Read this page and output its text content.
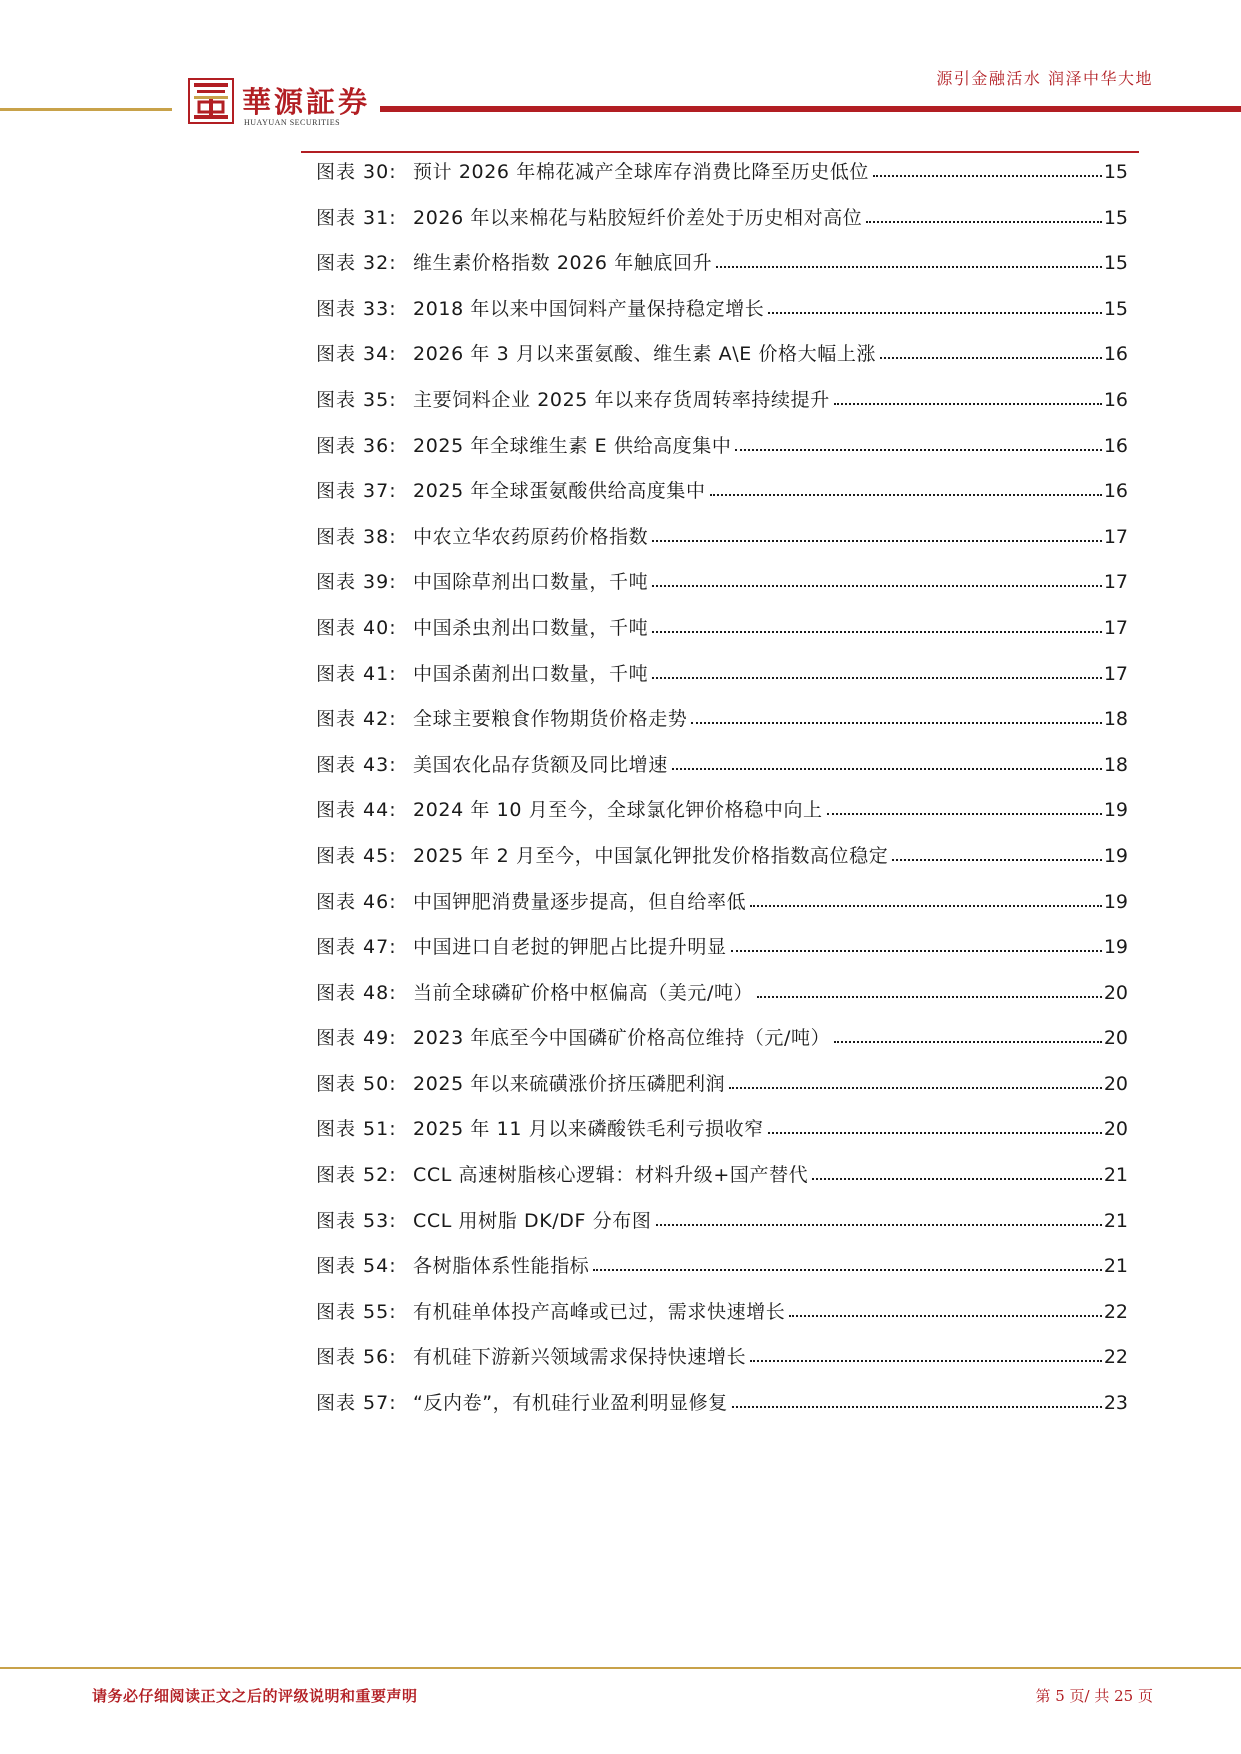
華源証券
HUAYUAN SECURITIES
源引金融活水 润泽中华大地
图表 30: 预计 2026 年棉花减产全球库存消费比降至历史低位	15
图表 31: 2026 年以来棉花与粘胶短纤价差处于历史相对高位	15
图表 32: 维生素价格指数 2026 年触底回升	15
图表 33: 2018 年以来中国饲料产量保持稳定增长	15
图表 34: 2026 年 3 月以来蛋氨酸、维生素 A\E 价格大幅上涨	16
图表 35: 主要饲料企业 2025 年以来存货周转率持续提升	16
图表 36: 2025 年全球维生素 E 供给高度集中	16
图表 37: 2025 年全球蛋氨酸供给高度集中	16
图表 38: 中农立华农药原药价格指数	17
图表 39: 中国除草剂出口数量，千吨	17
图表 40: 中国杀虫剂出口数量，千吨	17
图表 41: 中国杀菌剂出口数量，千吨	17
图表 42: 全球主要粮食作物期货价格走势	18
图表 43: 美国农化品存货额及同比增速	18
图表 44: 2024 年 10 月至今，全球氯化钾价格稳中向上	19
图表 45: 2025 年 2 月至今，中国氯化钾批发价格指数高位稳定	19
图表 46: 中国钾肥消费量逐步提高，但自给率低	19
图表 47: 中国进口自老挝的钾肥占比提升明显	19
图表 48: 当前全球磷矿价格中枢偏高（美元/吨）	20
图表 49: 2023 年底至今中国磷矿价格高位维持（元/吨）	20
图表 50: 2025 年以来硫磺涨价挤压磷肥利润	20
图表 51: 2025 年 11 月以来磷酸铁毛利亏损收窄	20
图表 52: CCL 高速树脂核心逻辑：材料升级+国产替代	21
图表 53: CCL 用树脂 DK/DF 分布图	21
图表 54: 各树脂体系性能指标	21
图表 55: 有机硅单体投产高峰或已过，需求快速增长	22
图表 56: 有机硅下游新兴领域需求保持快速增长	22
图表 57: “反内卷”，有机硅行业盈利明显修复	23
请务必仔细阅读正文之后的评级说明和重要声明	第 5 页/ 共 25 页
